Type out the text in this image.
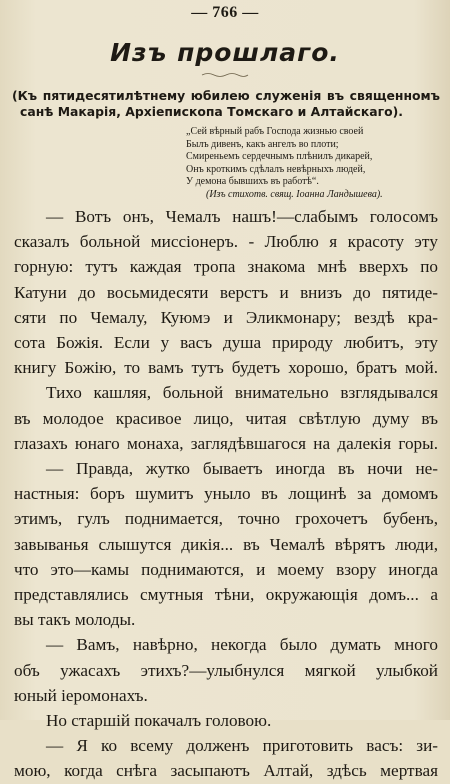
— 766 —
Изъ прошлаго.
(Къ пятидесятилѣтнему юбилею служенія въ священномъ
санѣ Макарія, Архіепископа Томскаго и Алтайскаго).
„Сей вѣрный рабъ Господа жизнью своей
Былъ дивенъ, какъ ангелъ во плоти;
Смиреньемъ сердечнымъ плѣнилъ дикарей,
Онъ кроткимъ сдѣлалъ невѣрныхъ людей,
У демона бывшихъ въ работѣ“.
(Изъ стихотв. свящ. Іоанна Ландышева).
— Вотъ онъ, Чемалъ нашъ!—слабымъ голосомъ
сказалъ больной миссіонеръ. - Люблю я красоту этy
горную: тутъ каждая тропа знакома мнѣ вверхъ по
Катуни до восьмидесяти верстъ и внизъ до пятиде-
сяти по Чемалу, Куюмэ и Эликмонару; вездѣ кра-
сота Божія. Если у васъ душа природу любитъ, эту
книгу Божію, то вамъ тутъ будетъ хорошо, братъ мой.
Тихо кашляя, больной внимательно взглядывался
въ молодое красивое лицо, читая свѣтлую думу въ
глазахъ юнаго монаха, заглядѣвшагося на далекія горы.
— Правда, жутко бываетъ иногда въ ночи не-
настныя: боръ шумитъ уныло въ лощинѣ за домомъ
этимъ, гулъ поднимается, точно грохочетъ бубенъ,
завыванья слышутся дикія... въ Чемалѣ вѣрятъ люди,
что это—камы поднимаются, и моему взору иногда
представлялись смутныя тѣни, окружающія домъ... а
вы такъ молоды.
— Вамъ, навѣрно, некогда было думать много
объ ужасахъ этихъ?—улыбнулся мягкой улыбкой
юный іеромонахъ.
Но старшій покачалъ головою.
— Я ко всему долженъ приготовить васъ: зи-
мою, когда снѣга засыпаютъ Алтай, здѣсь мертвая
